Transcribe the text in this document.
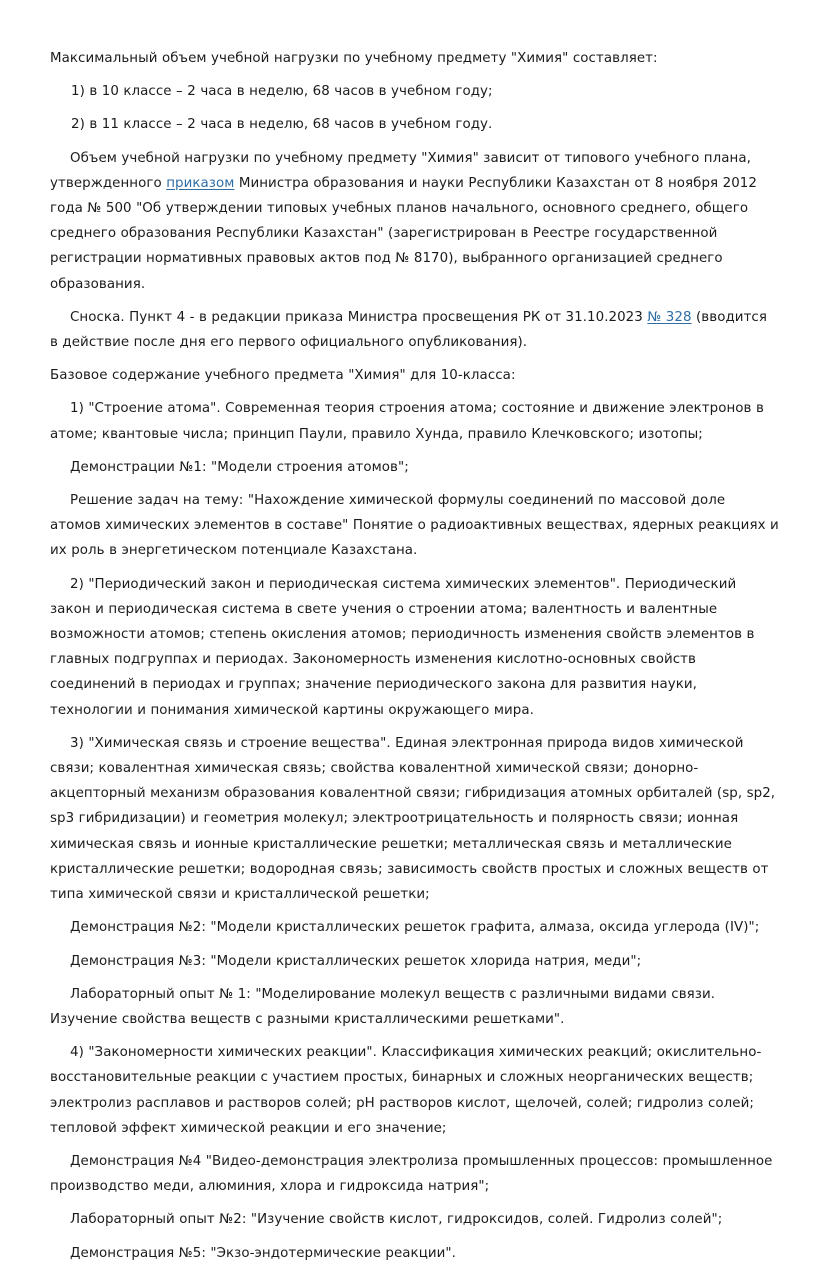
Максимальный объем учебной нагрузки по учебному предмету "Химия" составляет:

1) в 10 классе – 2 часа в неделю, 68 часов в учебном году;

2) в 11 классе – 2 часа в неделю, 68 часов в учебном году.

Объем учебной нагрузки по учебному предмету "Химия" зависит от типового учебного плана, утвержденного приказом Министра образования и науки Республики Казахстан от 8 ноября 2012 года № 500 "Об утверждении типовых учебных планов начального, основного среднего, общего среднего образования Республики Казахстан" (зарегистрирован в Реестре государственной регистрации нормативных правовых актов под № 8170), выбранного организацией среднего образования.

Сноска. Пункт 4 - в редакции приказа Министра просвещения РК от 31.10.2023 № 328 (вводится в действие после дня его первого официального опубликования).

Базовое содержание учебного предмета "Химия" для 10-класса:

1) "Строение атома". Современная теория строения атома; состояние и движение электронов в атоме; квантовые числа; принцип Паули, правило Хунда, правило Клечковского; изотопы;

Демонстрации №1: "Модели строения атомов";

Решение задач на тему: "Нахождение химической формулы соединений по массовой доле атомов химических элементов в составе" Понятие о радиоактивных веществах, ядерных реакциях и их роль в энергетическом потенциале Казахстана.

2) "Периодический закон и периодическая система химических элементов". Периодический закон и периодическая система в свете учения о строении атома; валентность и валентные возможности атомов; степень окисления атомов; периодичность изменения свойств элементов в главных подгруппах и периодах. Закономерность изменения кислотно-основных свойств соединений в периодах и группах; значение периодического закона для развития науки, технологии и понимания химической картины окружающего мира.

3) "Химическая связь и строение вещества". Единая электронная природа видов химической связи; ковалентная химическая связь; свойства ковалентной химической связи; донорно-акцепторный механизм образования ковалентной связи; гибридизация атомных орбиталей (sp, sp2, sp3 гибридизации) и геометрия молекул; электроотрицательность и полярность связи; ионная химическая связь и ионные кристаллические решетки; металлическая связь и металлические кристаллические решетки; водородная связь; зависимость свойств простых и сложных веществ от типа химической связи и кристаллической решетки;

Демонстрация №2: "Модели кристаллических решеток графита, алмаза, оксида углерода (IV)";

Демонстрация №3: "Модели кристаллических решеток хлорида натрия, меди";

Лабораторный опыт № 1: "Моделирование молекул веществ с различными видами связи. Изучение свойства веществ с разными кристаллическими решетками".

4) "Закономерности химических реакции". Классификация химических реакций; окислительно-восстановительные реакции с участием простых, бинарных и сложных неорганических веществ; электролиз расплавов и растворов солей; pH растворов кислот, щелочей, солей; гидролиз солей; тепловой эффект химической реакции и его значение;

Демонстрация №4 "Видео-демонстрация электролиза промышленных процессов: промышленное производство меди, алюминия, хлора и гидроксида натрия";

Лабораторный опыт №2: "Изучение свойств кислот, гидроксидов, солей. Гидролиз солей";

Демонстрация №5: "Экзо-эндотермические реакции".
